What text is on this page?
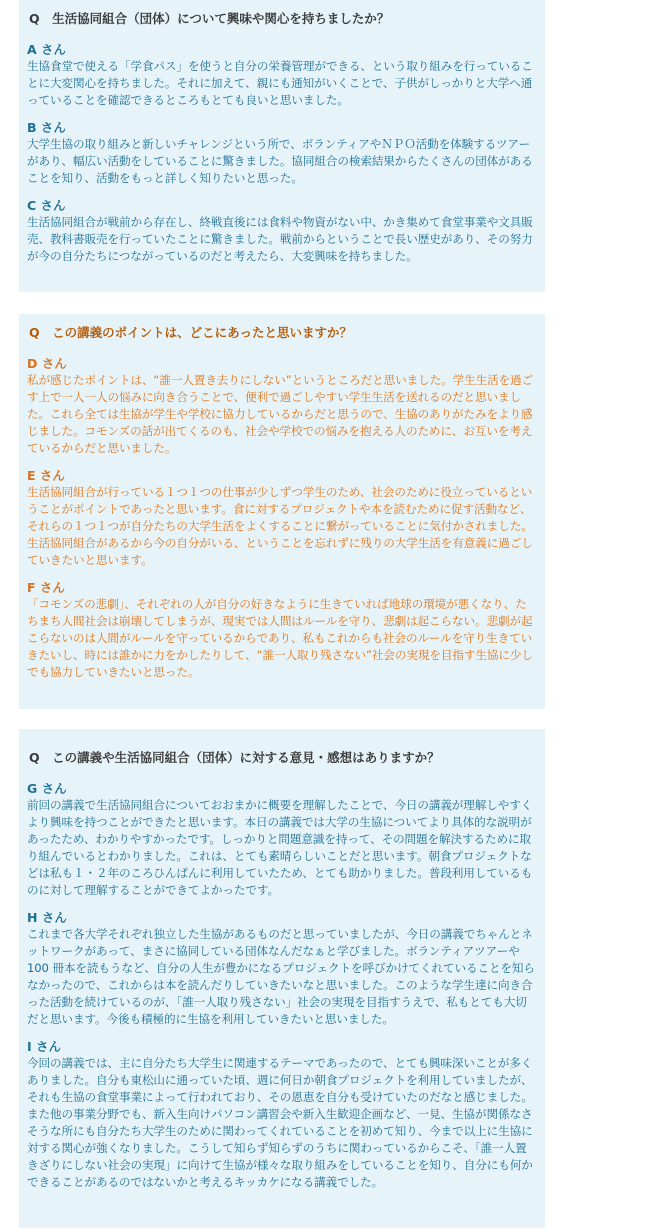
Q　生活協同組合（団体）について興味や関心を持ちましたか？

A さん

生協食堂で使える「学食パス」を使うと自分の栄養管理ができる、という取り組みを行っていることに大変関心を持ちました。それに加えて、親にも通知がいくことで、子供がしっかりと大学へ通っていることを確認できるところもとても良いと思いました。

B さん

大学生協の取り組みと新しいチャレンジという所で、ボランティアやＮＰＯ活動を体験するツアーがあり、幅広い活動をしていることに驚きました。協同組合の検索結果からたくさんの団体があることを知り、活動をもっと詳しく知りたいと思った。

C さん

生活協同組合が戦前から存在し、終戦直後には食料や物資がない中、かき集めて食堂事業や文具販売、教科書販売を行っていたことに驚きました。戦前からということで長い歴史があり、その努力が今の自分たちにつながっているのだと考えたら、大変興味を持ちました。

Q　この講義のポイントは、どこにあったと思いますか？

D さん

私が感じたポイントは、“誰一人置き去りにしない”というところだと思いました。学生生活を過ごす上で一人一人の悩みに向き合うことで、便利で過ごしやすい学生生活を送れるのだと思いました。これら全ては生協が学生や学校に協力しているからだと思うので、生協のありがたみをより感じました。コモンズの話が出てくるのも、社会や学校での悩みを抱える人のために、お互いを考えているからだと思いました。

E さん

生活協同組合が行っている１つ１つの仕事が少しずつ学生のため、社会のために役立っているということがポイントであったと思います。食に対するプロジェクトや本を読むために促す活動など、それらの１つ１つが自分たちの大学生活をよくすることに繋がっていることに気付かされました。生活協同組合があるから今の自分がいる、ということを忘れずに残りの大学生活を有意義に過ごしていきたいと思います。

F さん

「コモンズの悲劇」、それぞれの人が自分の好きなように生きていれば地球の環境が悪くなり、たちまち人間社会は崩壊してしまうが、現実では人間はルールを守り、悲劇は起こらない。悲劇が起こらないのは人間がルールを守っているからであり、私もこれからも社会のルールを守り生きていきたいし、時には誰かに力をかしたりして、“誰一人取り残さない”社会の実現を目指す生協に少しでも協力していきたいと思った。

Q　この講義や生活協同組合（団体）に対する意見・感想はありますか？

G さん

前回の講義で生活協同組合についておおまかに概要を理解したことで、今日の講義が理解しやすくより興味を持つことができたと思います。本日の講義では大学の生協についてより具体的な説明があったため、わかりやすかったです。しっかりと問題意識を持って、その問題を解決するために取り組んでいるとわかりました。これは、とても素晴らしいことだと思います。朝食プロジェクトなどは私も１・２年のころひんぱんに利用していたため、とても助かりました。普段利用しているものに対して理解することができてよかったです。

H さん

これまで各大学それぞれ独立した生協があるものだと思っていましたが、今日の講義でちゃんとネットワークがあって、まさに協同している団体なんだなぁと学びました。ボランティアツアーや 100 冊本を読もうなど、自分の人生が豊かになるプロジェクトを呼びかけてくれていることを知らなかったので、これからは本を読んだりしていきたいなと思いました。このような学生達に向き合った活動を続けているのが、「誰一人取り残さない」社会の実現を目指すうえで、私もとても大切だと思います。今後も積極的に生協を利用していきたいと思いました。

I さん

今回の講義では、主に自分たち大学生に関連するテーマであったので、とても興味深いことが多くありました。自分も東松山に通っていた頃、週に何日か朝食プロジェクトを利用していましたが、それも生協の食堂事業によって行われており、その恩恵を自分も受けていたのだなと感じました。また他の事業分野でも、新入生向けパソコン講習会や新入生歓迎企画など、一見、生協が関係なさそうな所にも自分たち大学生のために関わってくれていることを初めて知り、今まで以上に生協に対する関心が強くなりました。こうして知らず知らずのうちに関わっているからこそ、「誰一人置きざりにしない社会の実現」に向けて生協が様々な取り組みをしていることを知り、自分にも何かできることがあるのではないかと考えるキッカケになる講義でした。
